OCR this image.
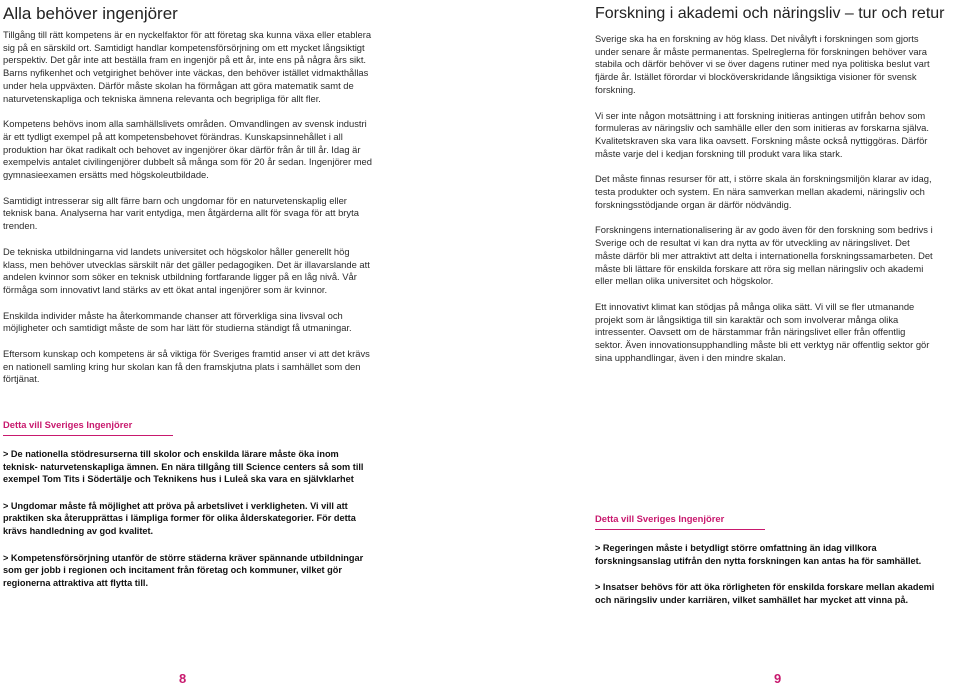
Alla behöver ingenjörer

Tillgång till rätt kompetens är en nyckelfaktor för att företag ska kunna växa eller etablera sig på en särskild ort. Samtidigt handlar kompetensförsörjning om ett mycket långsiktigt perspektiv. Det går inte att beställa fram en ingenjör på ett år, inte ens på några års sikt. Barns nyfikenhet och vetgirighet behöver inte väckas, den behöver istället vidmakthållas under hela uppväxten. Därför måste skolan ha förmågan att göra matematik samt de naturvetenskapliga och tekniska ämnena relevanta och begripliga för allt fler.

Kompetens behövs inom alla samhällslivets områden. Omvandlingen av svensk industri är ett tydligt exempel på att kompetensbehovet förändras. Kunskapsinnehållet i all produktion har ökat radikalt och behovet av ingenjörer ökar därför från år till år. Idag är exempelvis antalet civilingenjörer dubbelt så många som för 20 år sedan. Ingenjörer med gymnasieexamen ersätts med högskoleutbildade.

Samtidigt intresserar sig allt färre barn och ungdomar för en naturvetenskaplig eller teknisk bana. Analyserna har varit entydiga, men åtgärderna allt för svaga för att bryta trenden.

De tekniska utbildningarna vid landets universitet och högskolor håller generellt hög klass, men behöver utvecklas särskilt när det gäller pedagogiken. Det är illavarslande att andelen kvinnor som söker en teknisk utbildning fortfarande ligger på en låg nivå. Vår förmåga som innovativt land stärks av ett ökat antal ingenjörer som är kvinnor.

Enskilda individer måste ha återkommande chanser att förverkliga sina livsval och möjligheter och samtidigt måste de som har lätt för studierna ständigt få utmaningar.

Eftersom kunskap och kompetens är så viktiga för Sveriges framtid anser vi att det krävs en nationell samling kring hur skolan kan få den framskjutna plats i samhället som den förtjänat.

Detta vill Sveriges Ingenjörer

> De nationella stödresurserna till skolor och enskilda lärare måste öka inom teknisk- naturvetenskapliga ämnen. En nära tillgång till Science centers så som till exempel Tom Tits i Södertälje och Teknikens hus i Luleå ska vara en självklarhet

> Ungdomar måste få möjlighet att pröva på arbetslivet i verkligheten. Vi vill att praktiken ska återupprättas i lämpliga former för olika ålderskategorier. För detta krävs handledning av god kvalitet.

> Kompetensförsörjning utanför de större städerna kräver spännande utbildningar som ger jobb i regionen och incitament från företag och kommuner, vilket gör regionerna attraktiva att flytta till.

8
Forskning i akademi och näringsliv – tur och retur

Sverige ska ha en forskning av hög klass. Det nivålyft i forskningen som gjorts under senare år måste permanentas. Spelreglerna för forskningen behöver vara stabila och därför behöver vi se över dagens rutiner med nya politiska beslut vart fjärde år. Istället förordar vi blocköverskridande långsiktiga visioner för svensk forskning.

Vi ser inte någon motsättning i att forskning initieras antingen utifrån behov som formuleras av näringsliv och samhälle eller den som initieras av forskarna själva. Kvalitetskraven ska vara lika oavsett. Forskning måste också nyttiggöras. Därför måste varje del i kedjan forskning till produkt vara lika stark.

Det måste finnas resurser för att, i större skala än forskningsmiljön klarar av idag, testa produkter och system. En nära samverkan mellan akademi, näringsliv och forskningsstödjande organ är därför nödvändig.

Forskningens internationalisering är av godo även för den forskning som bedrivs i Sverige och de resultat vi kan dra nytta av för utveckling av näringslivet. Det måste därför bli mer attraktivt att delta i internationella forskningssamarbeten. Det måste bli lättare för enskilda forskare att röra sig mellan näringsliv och akademi eller mellan olika universitet och högskolor.

Ett innovativt klimat kan stödjas på många olika sätt. Vi vill se fler utmanande projekt som är långsiktiga till sin karaktär och som involverar många olika intressenter. Oavsett om de härstammar från näringslivet eller från offentlig sektor. Även innovationsupphandling måste bli ett verktyg när offentlig sektor gör sina upphandlingar, även i den mindre skalan.

Detta vill Sveriges Ingenjörer

> Regeringen måste i betydligt större omfattning än idag villkora forskningsanslag utifrån den nytta forskningen kan antas ha för samhället.

> Insatser behövs för att öka rörligheten för enskilda forskare mellan akademi och näringsliv under karriären, vilket samhället har mycket att vinna på.

9
